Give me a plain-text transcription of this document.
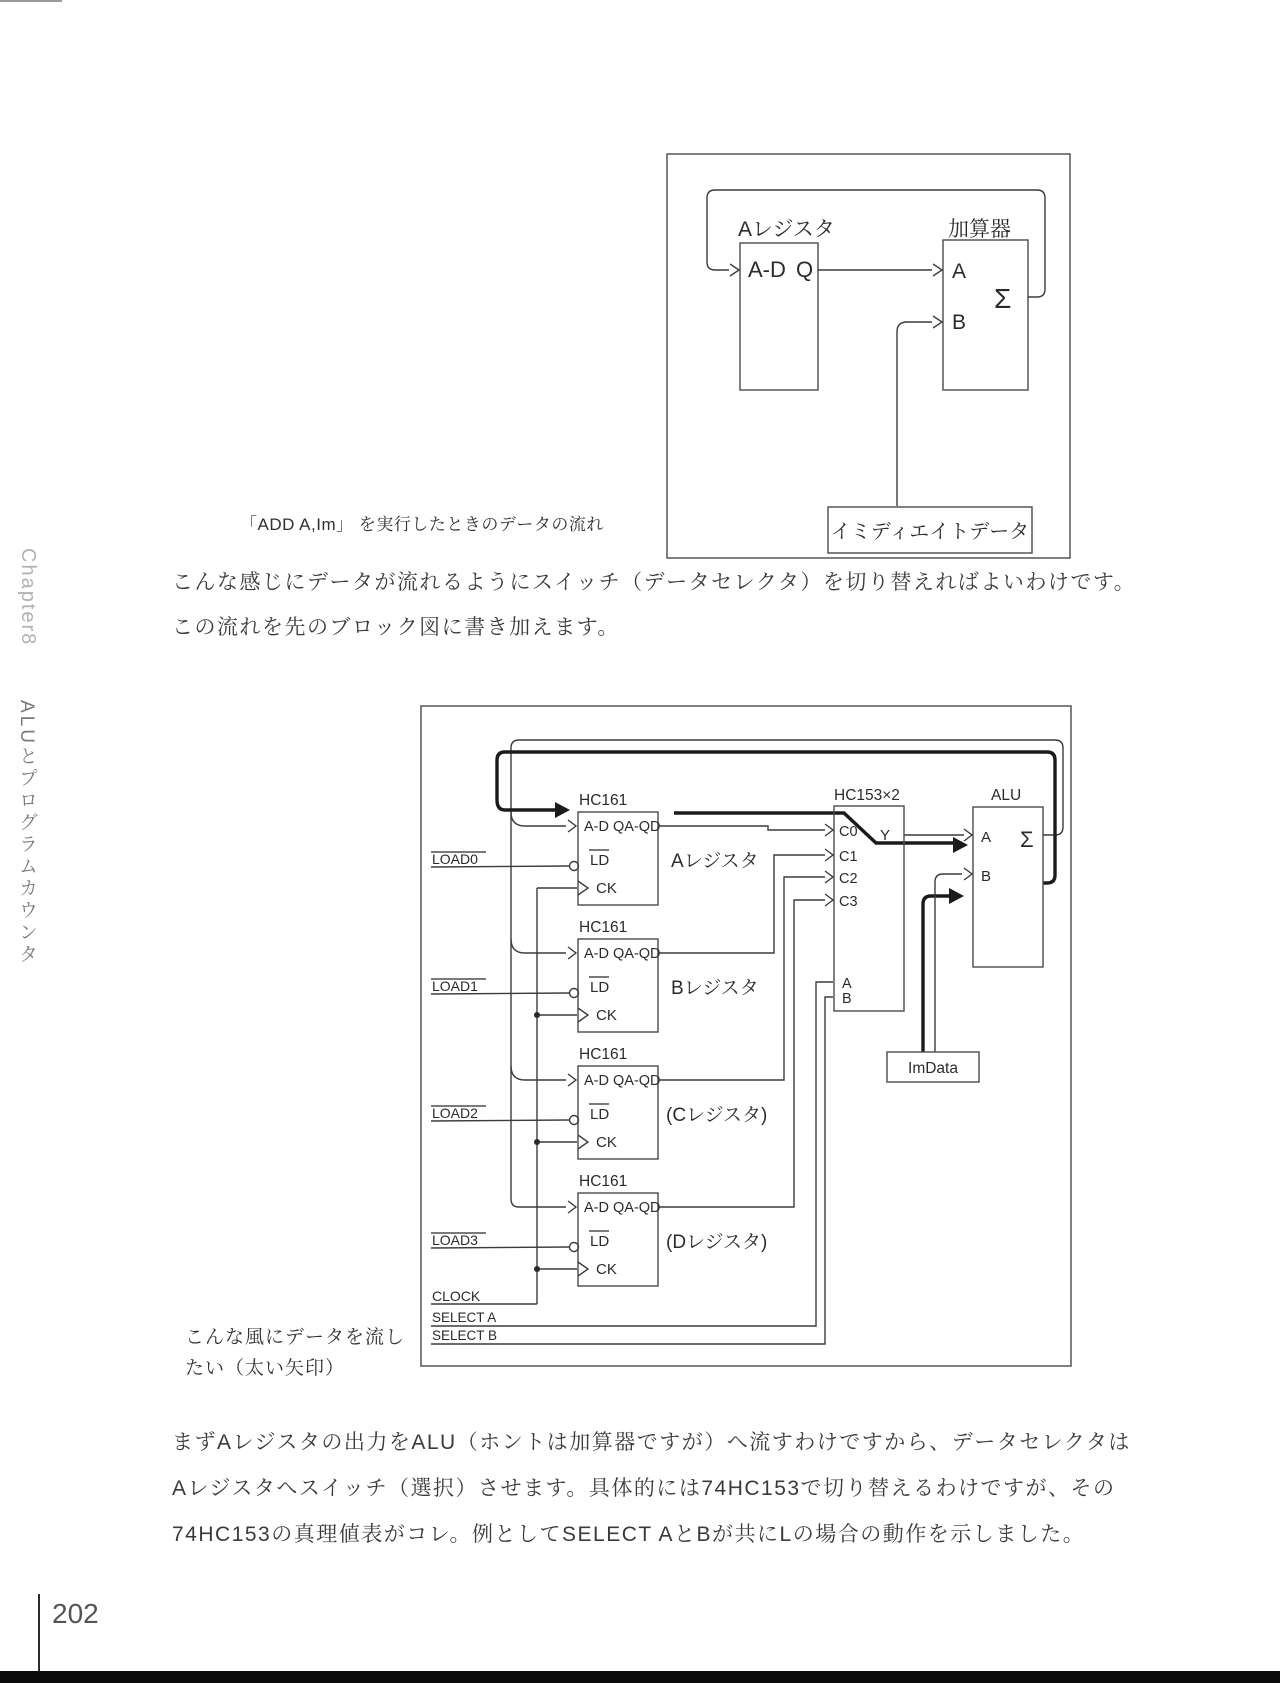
Chapter8
ALUとプログラムカウンタ
Aレジスタ	加算器
A-D Q	A
B
Σ
イミディエイトデータ
「ADD A,Im」 を実行したときのデータの流れ
こんな感じにデータが流れるようにスイッチ（データセレクタ）を切り替えればよいわけです。
この流れを先のブロック図に書き加えます。
HC161
A-D QA-QD
LD
CK
Aレジスタ
HC161
A-D QA-QD
LD
CK
Bレジスタ
HC161
A-D QA-QD
LD
CK
(Cレジスタ)
HC161
A-D QA-QD
LD
CK
(Dレジスタ)
LOAD0
LOAD1
LOAD2
LOAD3
CLOCK
SELECT A
SELECT B
HC153×2
C0
C1
C2
C3
Y
A
B
ALU
A Σ
B
ImData
こんな風にデータを流し
たい（太い矢印）
まずAレジスタの出力をALU（ホントは加算器ですが）へ流すわけですから、データセレクタは
Aレジスタへスイッチ（選択）させます。具体的には74HC153で切り替えるわけですが、その
74HC153の真理値表がコレ。例としてSELECT AとBが共にLの場合の動作を示しました。
202
